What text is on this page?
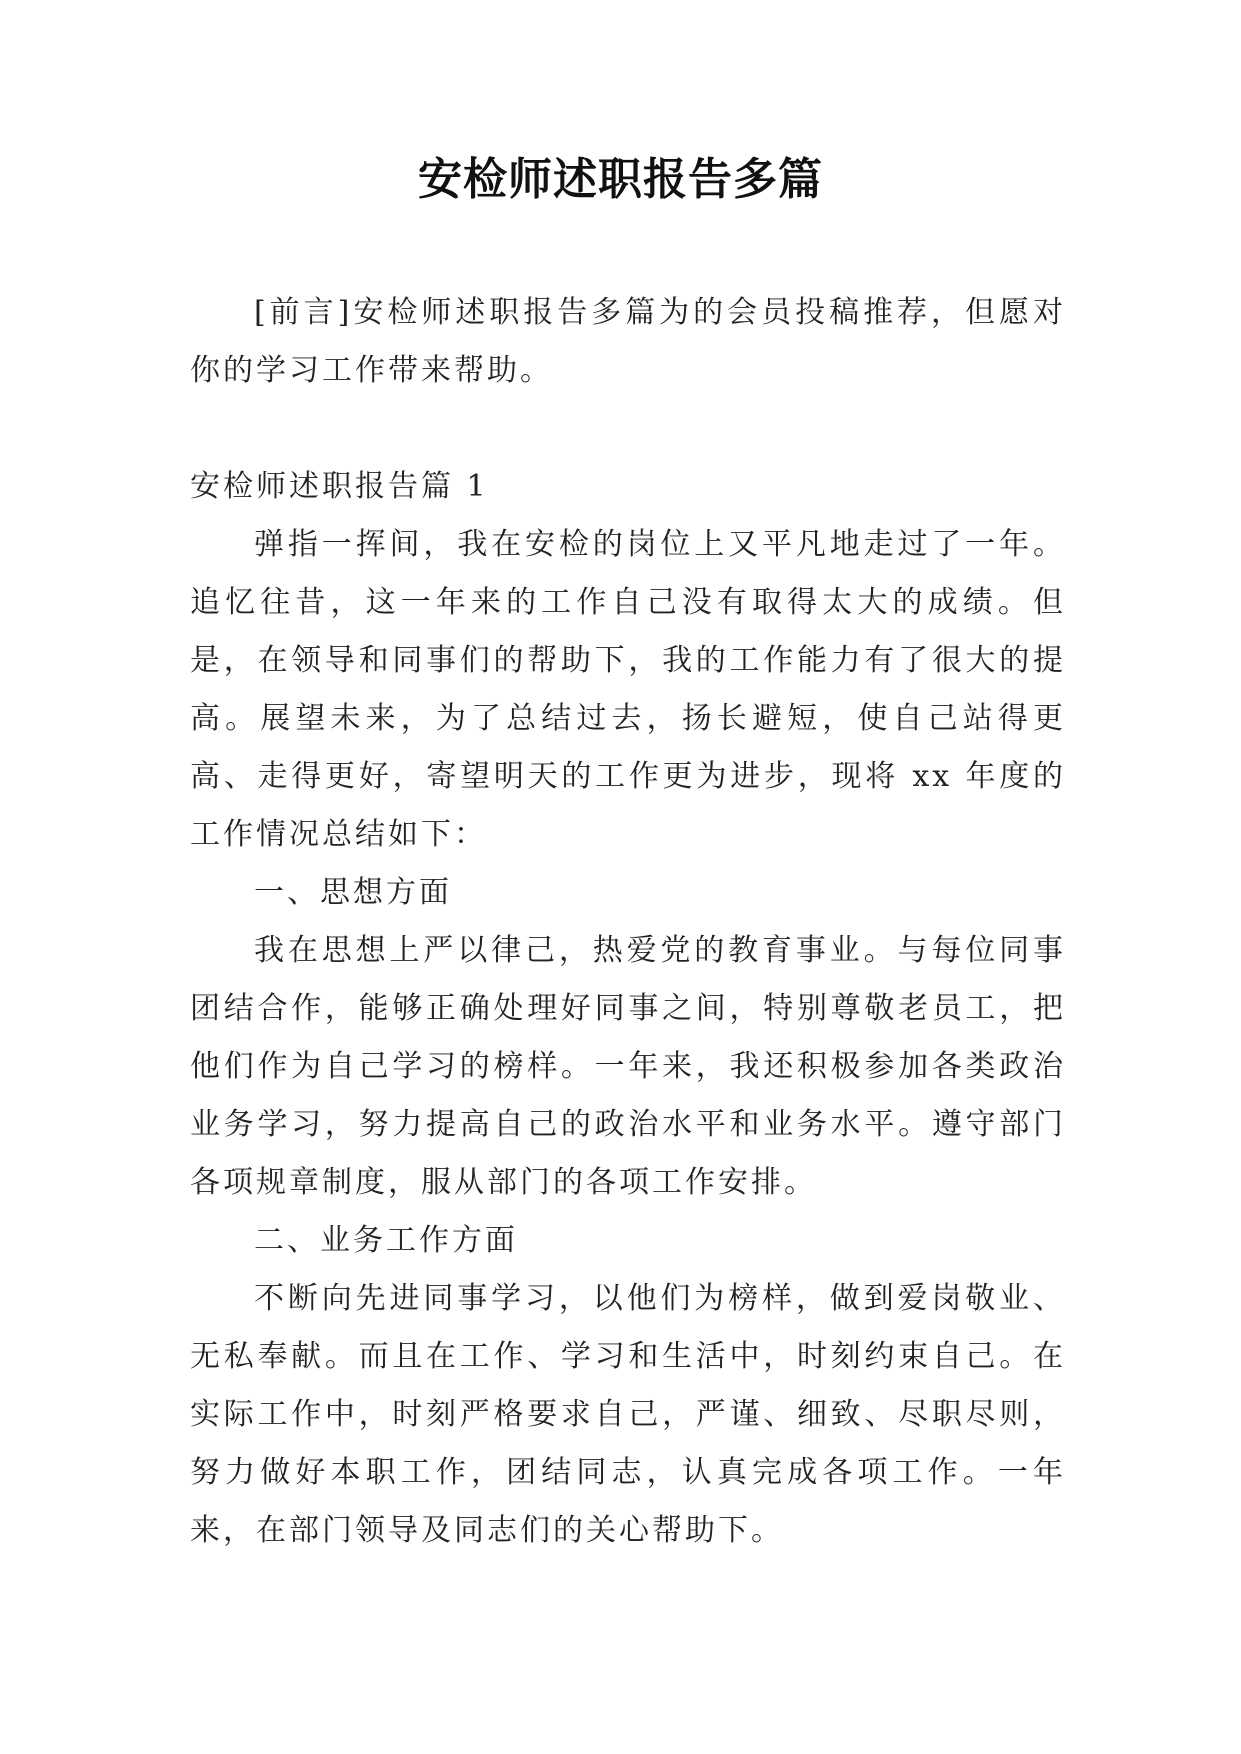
安检师述职报告多篇

[前言]安检师述职报告多篇为的会员投稿推荐，但愿对你的学习工作带来帮助。

安检师述职报告篇 1

弹指一挥间，我在安检的岗位上又平凡地走过了一年。追忆往昔，这一年来的工作自己没有取得太大的成绩。但是，在领导和同事们的帮助下，我的工作能力有了很大的提高。展望未来，为了总结过去，扬长避短，使自己站得更高、走得更好，寄望明天的工作更为进步，现将 xx 年度的工作情况总结如下：

一、思想方面

我在思想上严以律己，热爱党的教育事业。与每位同事团结合作，能够正确处理好同事之间，特别尊敬老员工，把他们作为自己学习的榜样。一年来，我还积极参加各类政治业务学习，努力提高自己的政治水平和业务水平。遵守部门各项规章制度，服从部门的各项工作安排。

二、业务工作方面

不断向先进同事学习，以他们为榜样，做到爱岗敬业、无私奉献。而且在工作、学习和生活中，时刻约束自己。在实际工作中，时刻严格要求自己，严谨、细致、尽职尽则，努力做好本职工作，团结同志，认真完成各项工作。一年来，在部门领导及同志们的关心帮助下。
